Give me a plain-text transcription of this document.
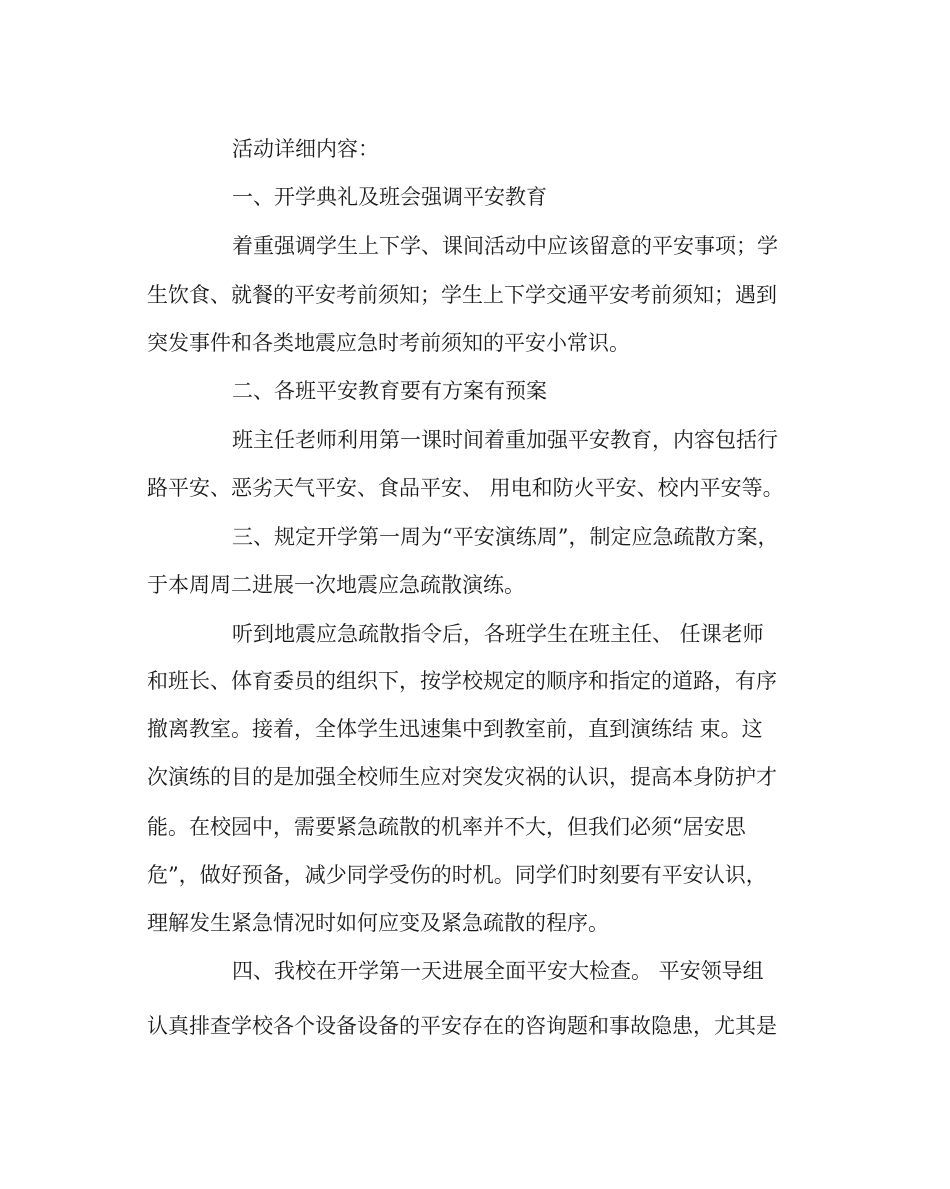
活动详细内容：
一、开学典礼及班会强调平安教育
着重强调学生上下学、课间活动中应该留意的平安事项；学
生饮食、就餐的平安考前须知；学生上下学交通平安考前须知；遇到
突发事件和各类地震应急时考前须知的平安小常识。
二、各班平安教育要有方案有预案
班主任老师利用第一课时间着重加强平安教育，内容包括行
路平安、恶劣天气平安、食品平安、 用电和防火平安、校内平安等。
三、规定开学第一周为“平安演练周”，制定应急疏散方案，
于本周周二进展一次地震应急疏散演练。
听到地震应急疏散指令后，各班学生在班主任、 任课老师
和班长、体育委员的组织下，按学校规定的顺序和指定的道路，有序
撤离教室。接着，全体学生迅速集中到教室前，直到演练结 束。这
次演练的目的是加强全校师生应对突发灾祸的认识，提高本身防护才
能。在校园中，需要紧急疏散的机率并不大，但我们必须“居安思
危”，做好预备，减少同学受伤的时机。同学们时刻要有平安认识，
理解发生紧急情况时如何应变及紧急疏散的程序。
四、我校在开学第一天进展全面平安大检查。 平安领导组
认真排查学校各个设备设备的平安存在的咨询题和事故隐患，尤其是
